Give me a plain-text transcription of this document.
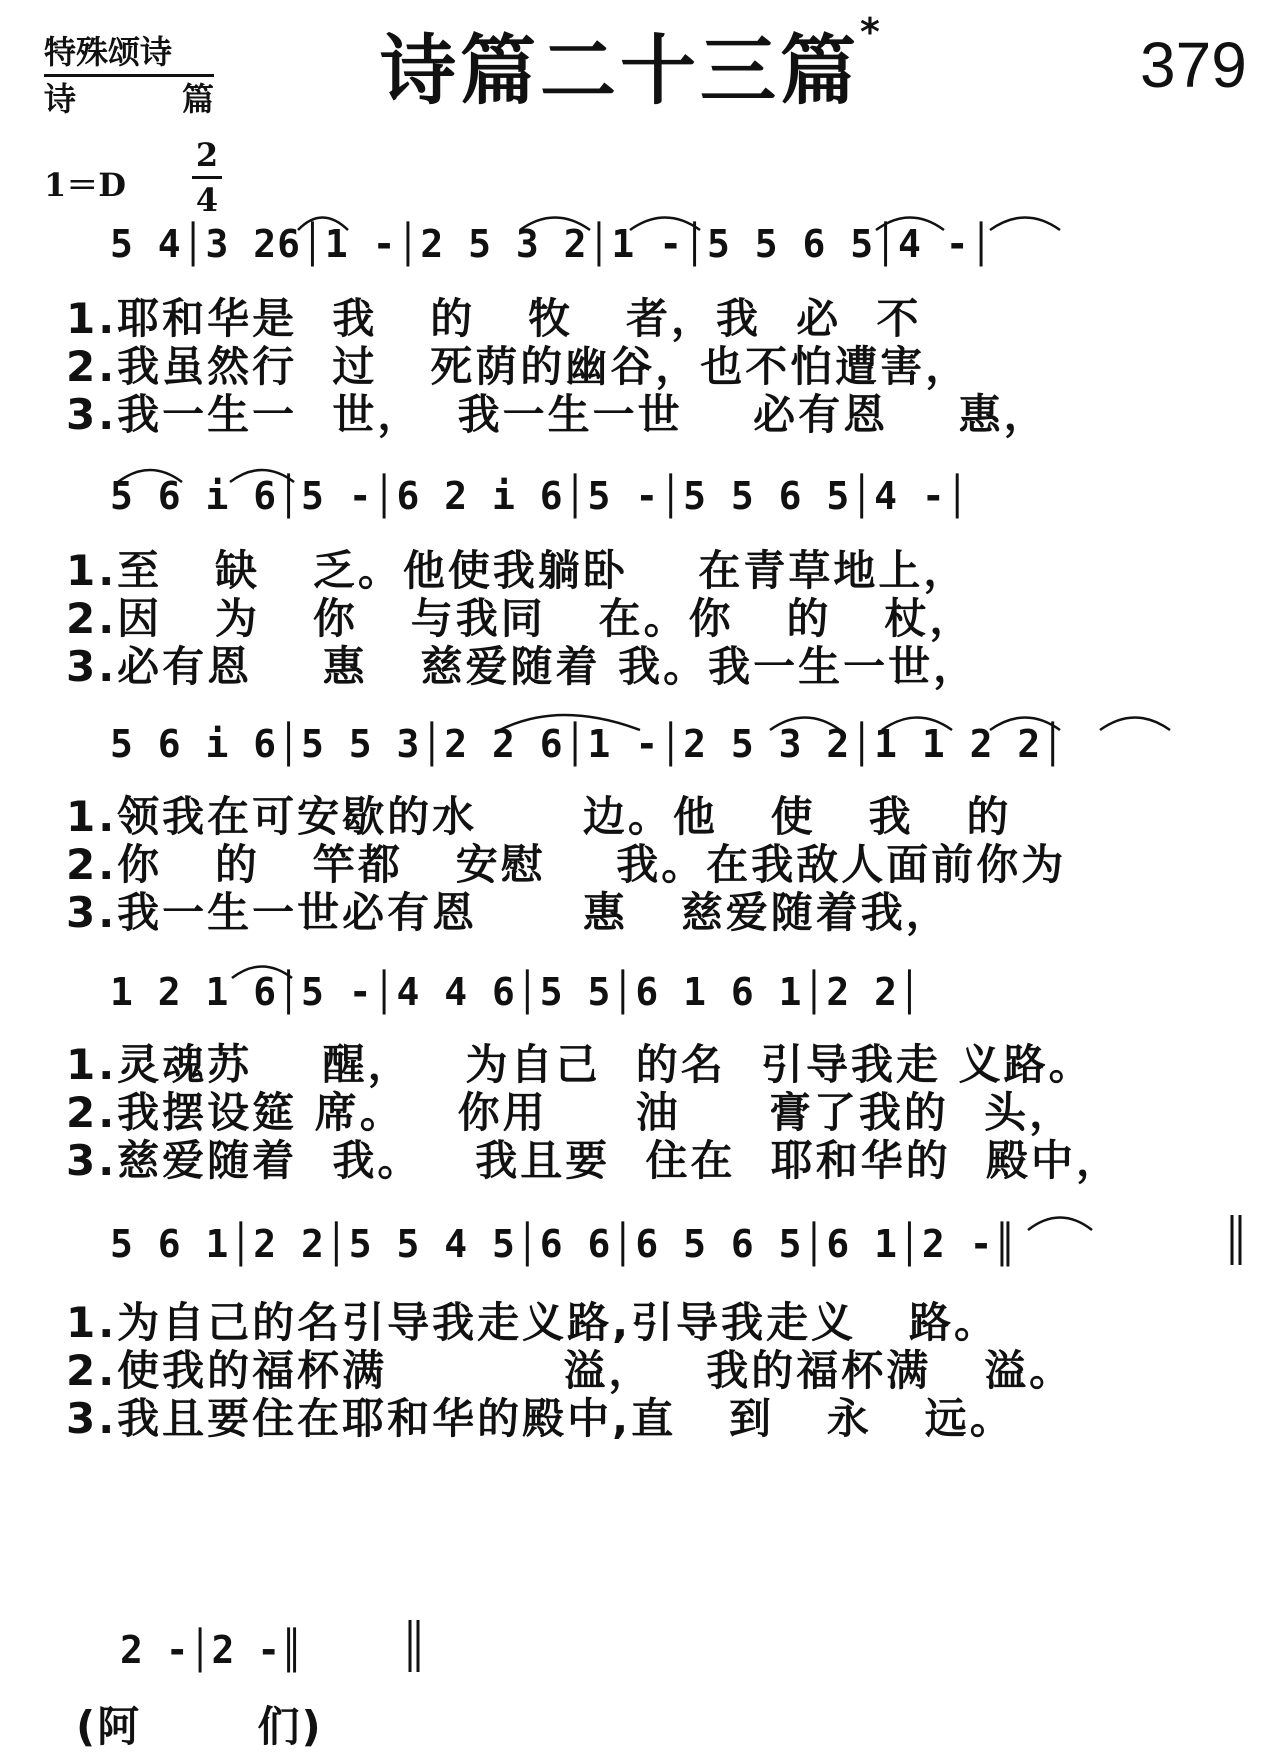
特殊颂诗
诗　　篇 诗篇二十三篇 *	379
1＝D
2
4
5 4│3 26│1 -│2 5 3 2│1 -│5 5 6 5│4 -│
1.耶和华是  我   的   牧   者，我  必  不
2.我虽然行  过   死荫的幽谷，也不怕遭害，
3.我一生一  世，  我一生一世    必有恩    惠，
5 6 i 6│5 -│6 2 i 6│5 -│5 5 6 5│4 -│
1.至   缺   乏。他使我躺卧    在青草地上，
2.因   为   你   与我同   在。你   的   杖，
3.必有恩    惠   慈爱随着 我。我一生一世，
5 6 i 6│5 5 3│2 2 6│1 -│2 5 3 2│1 1 2 2│
1.领我在可安歇的水      边。他   使   我   的
2.你   的   竿都   安慰    我。在我敌人面前你为
3.我一生一世必有恩      惠   慈爱随着我，
1 2 1 6│5 -│4 4 6│5 5│6 1 6 1│2 2│
1.灵魂苏    醒，   为自己  的名  引导我走 义路。
2.我摆设筵 席。   你用     油     膏了我的  头，
3.慈爱随着  我。   我且要  住在  耶和华的  殿中，
5 6 1│2 2│5 5 4 5│6 6│6 5 6 5│6 1│2 -║
1.为自己的名引导我走义路,引导我走义   路。
2.使我的福杯满          溢，   我的福杯满   溢。
3.我且要住在耶和华的殿中,直   到   永   远。
2 -│2 -║
(阿       们)
